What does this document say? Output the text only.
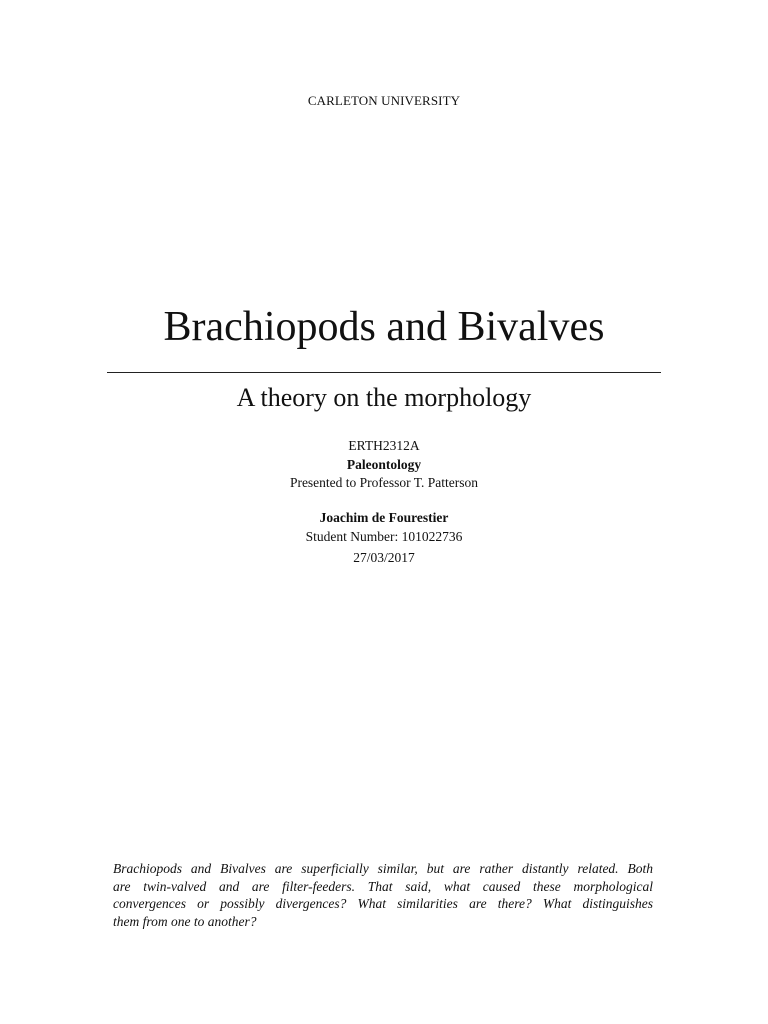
CARLETON UNIVERSITY
Brachiopods and Bivalves
A theory on the morphology
ERTH2312A
Paleontology
Presented to Professor T. Patterson
Joachim de Fourestier
Student Number: 101022736
27/03/2017
Brachiopods and Bivalves are superficially similar, but are rather distantly related. Both
are twin-valved and are filter-feeders. That said, what caused these morphological
convergences or possibly divergences? What similarities are there? What distinguishes
them from one to another?
